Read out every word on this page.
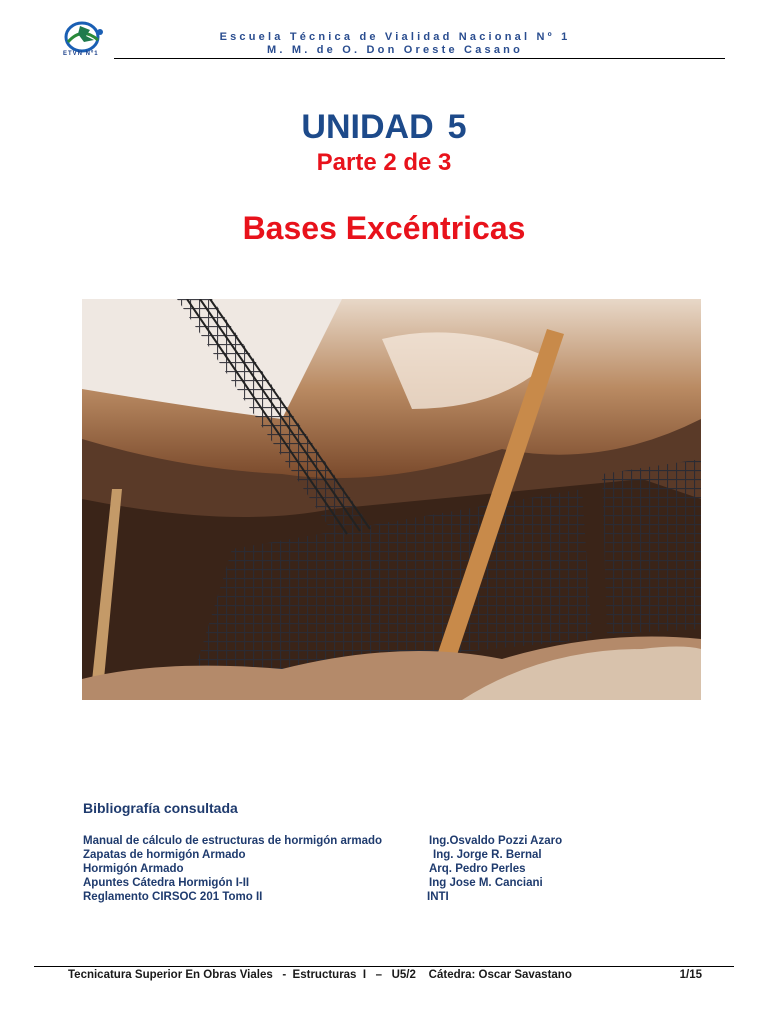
ETVN Nº1
Escuela Técnica de Vialidad Nacional Nº 1
M. M. de O. Don Oreste Casano
UNIDAD 5
Parte 2 de 3
Bases Excéntricas
Bibliografía consultada
Manual de cálculo de estructuras de hormigón armado	Ing.Osvaldo Pozzi Azaro
Zapatas de hormigón Armado	Ing. Jorge R. Bernal
Hormigón Armado	Arq. Pedro Perles
Apuntes Cátedra Hormigón I-II	Ing Jose M. Canciani
Reglamento CIRSOC 201 Tomo II	INTI
Tecnicatura Superior En Obras Viales   -  Estructuras  I   –   U5/2    Cátedra: Oscar Savastano	1/15
